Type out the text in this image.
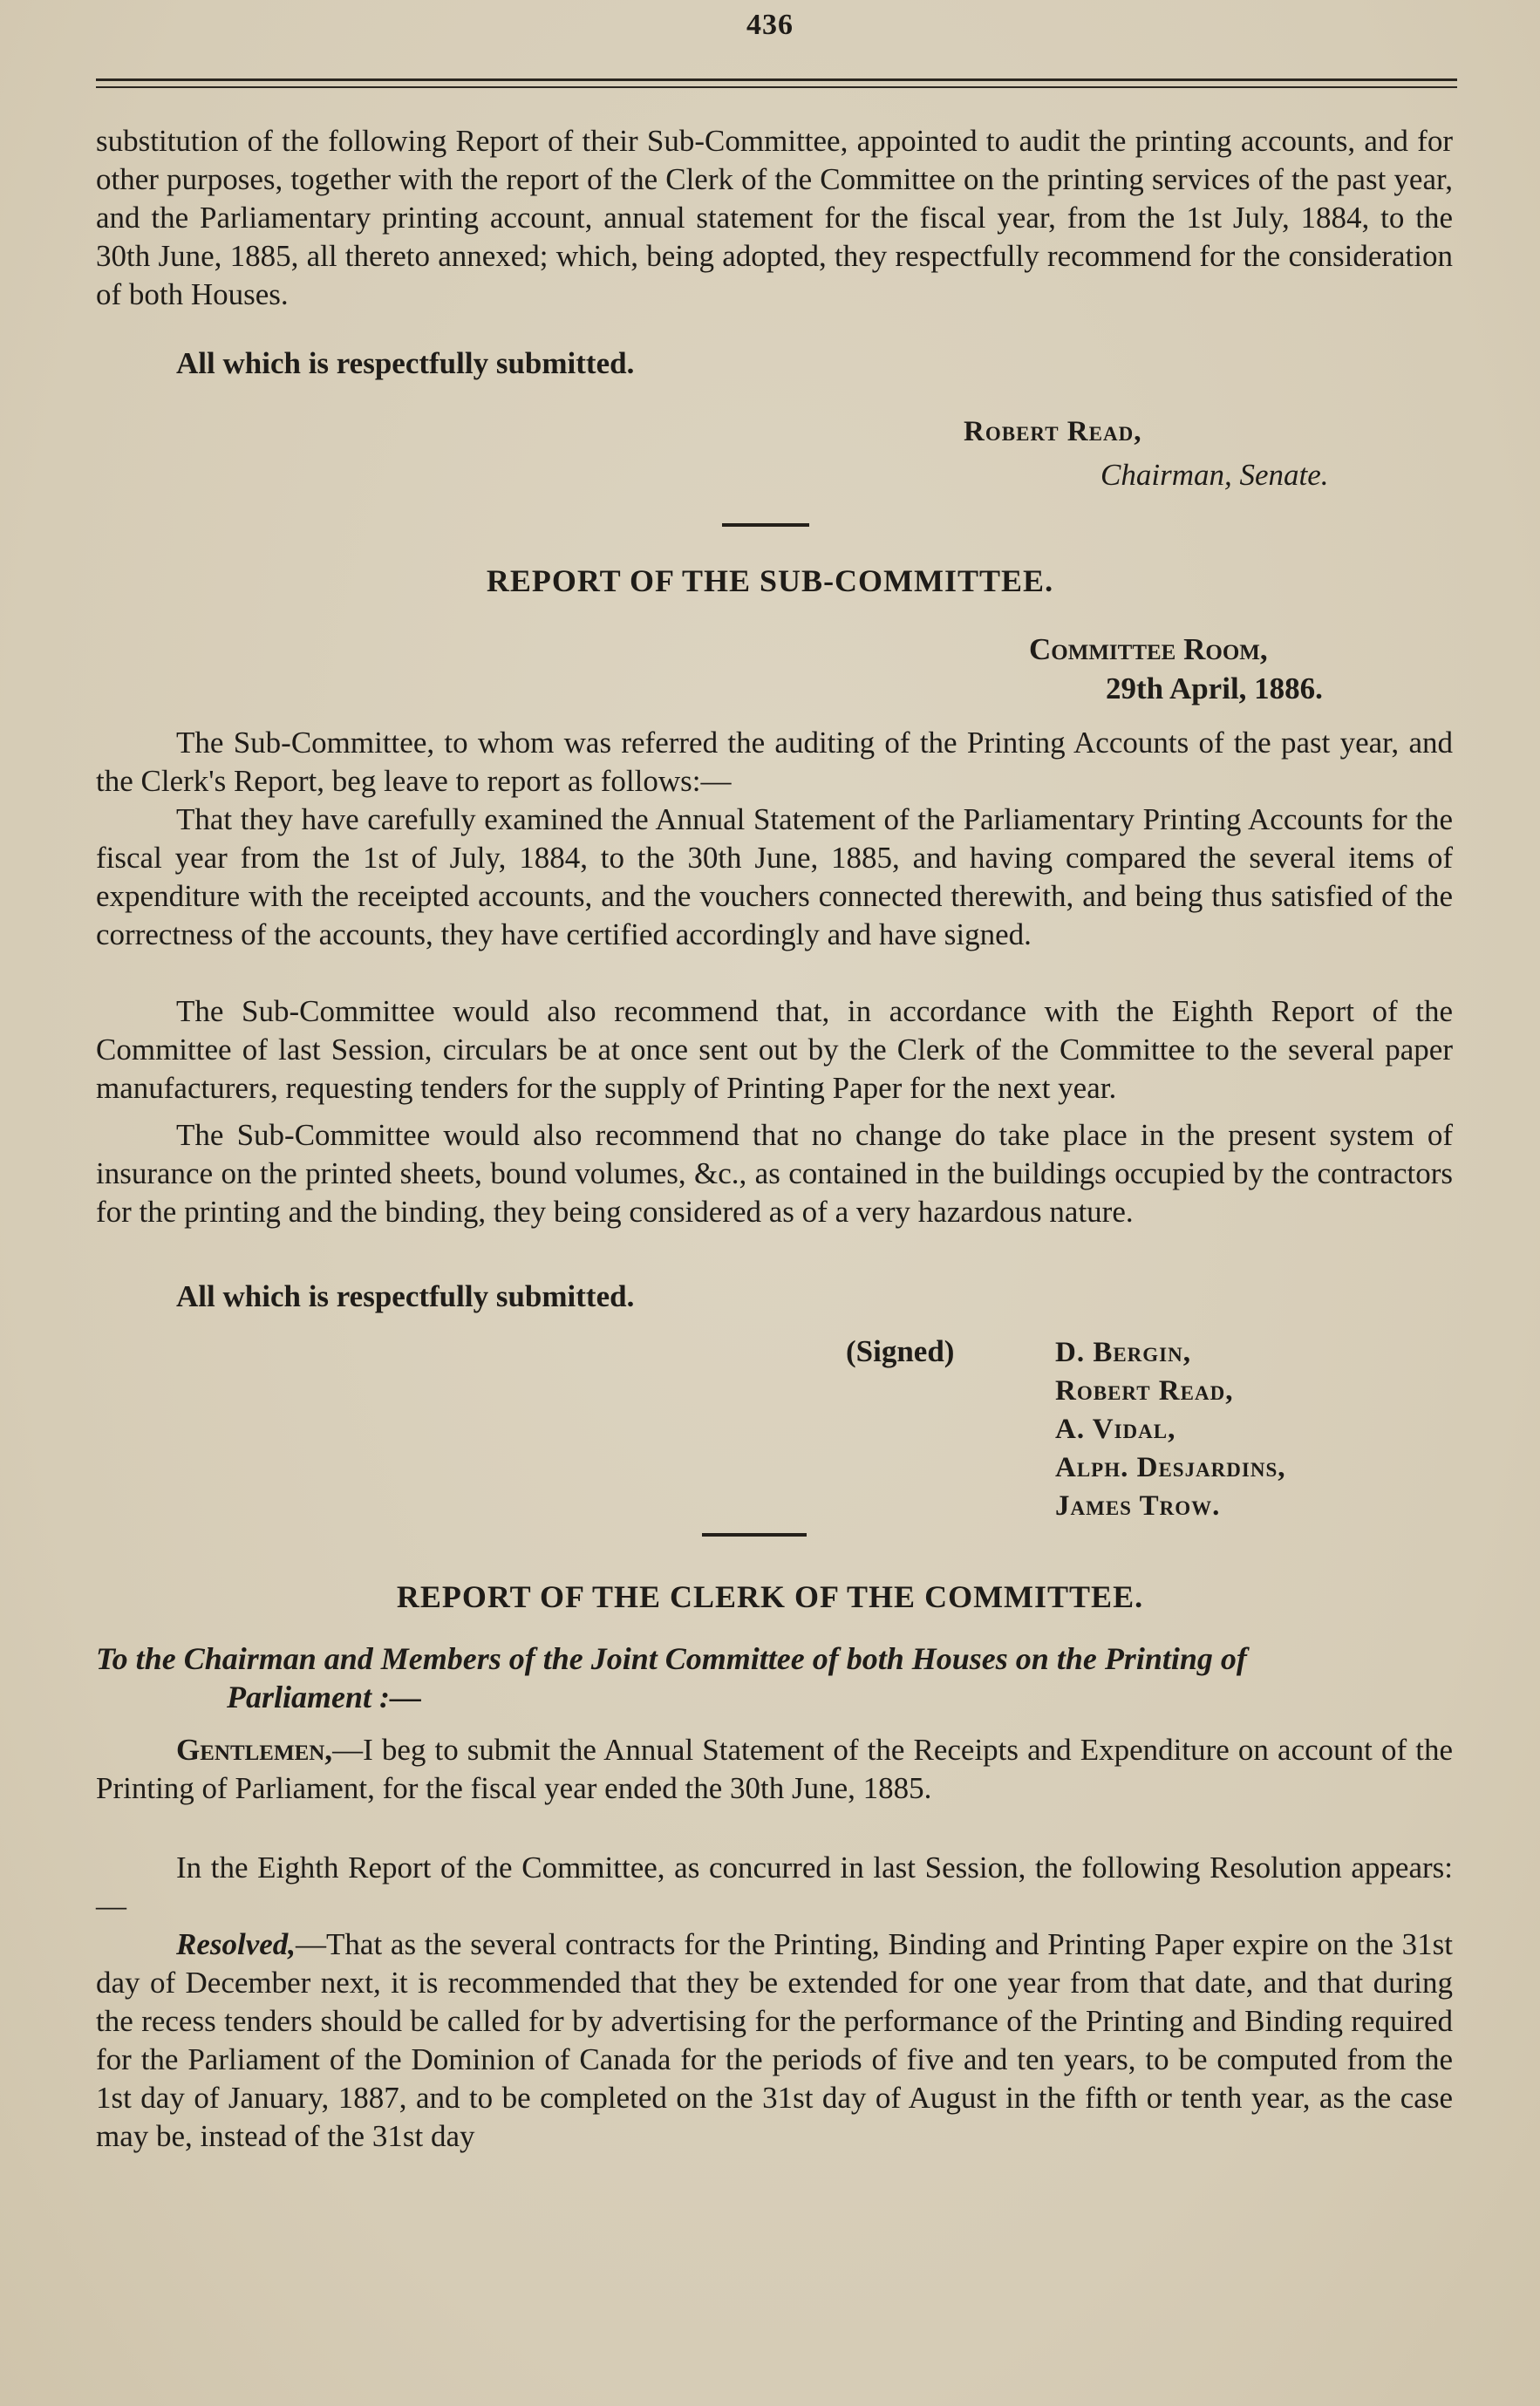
436

substitution of the following Report of their Sub-Committee, appointed to audit the printing accounts, and for other purposes, together with the report of the Clerk of the Committee on the printing services of the past year, and the Parliamentary printing account, annual statement for the fiscal year, from the 1st July, 1884, to the 30th June, 1885, all thereto annexed; which, being adopted, they respectfully recommend for the consideration of both Houses.

All which is respectfully submitted.

Robert Read,
Chairman, Senate.
REPORT OF THE SUB-COMMITTEE.
Committee Room,
29th April, 1886.

The Sub-Committee, to whom was referred the auditing of the Printing Accounts of the past year, and the Clerk's Report, beg leave to report as follows:—

That they have carefully examined the Annual Statement of the Parliamentary Printing Accounts for the fiscal year from the 1st of July, 1884, to the 30th June, 1885, and having compared the several items of expenditure with the receipted accounts, and the vouchers connected therewith, and being thus satisfied of the correctness of the accounts, they have certified accordingly and have signed.

The Sub-Committee would also recommend that, in accordance with the Eighth Report of the Committee of last Session, circulars be at once sent out by the Clerk of the Committee to the several paper manufacturers, requesting tenders for the supply of Printing Paper for the next year.

The Sub-Committee would also recommend that no change do take place in the present system of insurance on the printed sheets, bound volumes, &c., as contained in the buildings occupied by the contractors for the printing and the binding, they being considered as of a very hazardous nature.

All which is respectfully submitted.

(Signed)	D. Bergin,
Robert Read,
A. Vidal,
Alph. Desjardins,
James Trow.
REPORT OF THE CLERK OF THE COMMITTEE.
To the Chairman and Members of the Joint Committee of both Houses on the Printing of
Parliament :—

Gentlemen,—I beg to submit the Annual Statement of the Receipts and Expenditure on account of the Printing of Parliament, for the fiscal year ended the 30th June, 1885.

In the Eighth Report of the Committee, as concurred in last Session, the following Resolution appears:—

Resolved,—That as the several contracts for the Printing, Binding and Printing Paper expire on the 31st day of December next, it is recommended that they be extended for one year from that date, and that during the recess tenders should be called for by advertising for the performance of the Printing and Binding required for the Parliament of the Dominion of Canada for the periods of five and ten years, to be computed from the 1st day of January, 1887, and to be completed on the 31st day of August in the fifth or tenth year, as the case may be, instead of the 31st day
